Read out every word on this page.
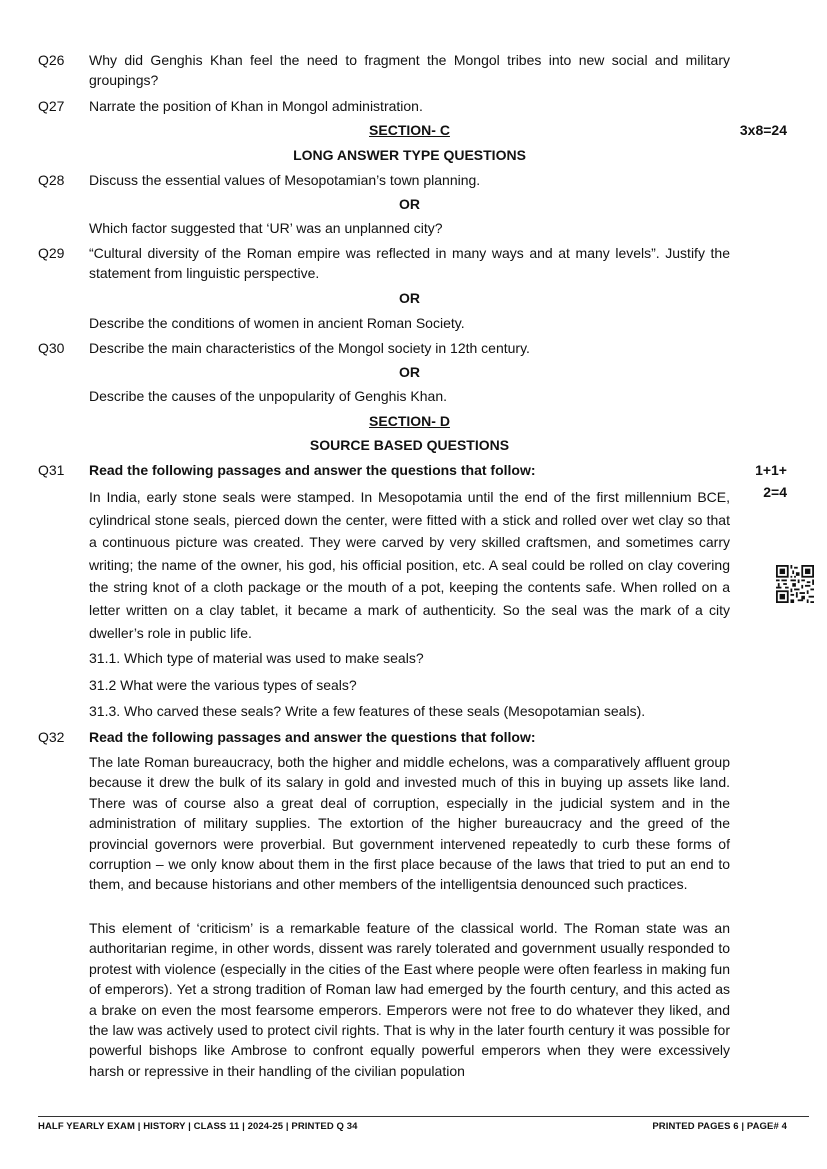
Q26 Why did Genghis Khan feel the need to fragment the Mongol tribes into new social and military groupings?
Q27 Narrate the position of Khan in Mongol administration.
SECTION- C	3x8=24
LONG ANSWER TYPE QUESTIONS
Q28 Discuss the essential values of Mesopotamian’s town planning.
OR
Which factor suggested that ‘UR’ was an unplanned city?
Q29 “Cultural diversity of the Roman empire was reflected in many ways and at many levels”. Justify the statement from linguistic perspective.
OR
Describe the conditions of women in ancient Roman Society.
Q30 Describe the main characteristics of the Mongol society in 12th century.
OR
Describe the causes of the unpopularity of Genghis Khan.
SECTION- D
SOURCE BASED QUESTIONS
Q31 Read the following passages and answer the questions that follow:	1+1+
2=4
In India, early stone seals were stamped. In Mesopotamia until the end of the first millennium BCE, cylindrical stone seals, pierced down the center, were fitted with a stick and rolled over wet clay so that a continuous picture was created. They were carved by very skilled craftsmen, and sometimes carry writing; the name of the owner, his god, his official position, etc. A seal could be rolled on clay covering the string knot of a cloth package or the mouth of a pot, keeping the contents safe. When rolled on a letter written on a clay tablet, it became a mark of authenticity. So the seal was the mark of a city dweller’s role in public life.
31.1. Which type of material was used to make seals?
31.2 What were the various types of seals?
31.3. Who carved these seals? Write a few features of these seals (Mesopotamian seals).
Q32 Read the following passages and answer the questions that follow:
The late Roman bureaucracy, both the higher and middle echelons, was a comparatively affluent group because it drew the bulk of its salary in gold and invested much of this in buying up assets like land. There was of course also a great deal of corruption, especially in the judicial system and in the administration of military supplies. The extortion of the higher bureaucracy and the greed of the provincial governors were proverbial. But government intervened repeatedly to curb these forms of corruption – we only know about them in the first place because of the laws that tried to put an end to them, and because historians and other members of the intelligentsia denounced such practices.
This element of ‘criticism’ is a remarkable feature of the classical world. The Roman state was an authoritarian regime, in other words, dissent was rarely tolerated and government usually responded to protest with violence (especially in the cities of the East where people were often fearless in making fun of emperors). Yet a strong tradition of Roman law had emerged by the fourth century, and this acted as a brake on even the most fearsome emperors. Emperors were not free to do whatever they liked, and the law was actively used to protect civil rights. That is why in the later fourth century it was possible for powerful bishops like Ambrose to confront equally powerful emperors when they were excessively harsh or repressive in their handling of the civilian population
HALF YEARLY EXAM | HISTORY | CLASS 11 | 2024-25 | PRINTED Q 34	PRINTED PAGES 6 | PAGE# 4
